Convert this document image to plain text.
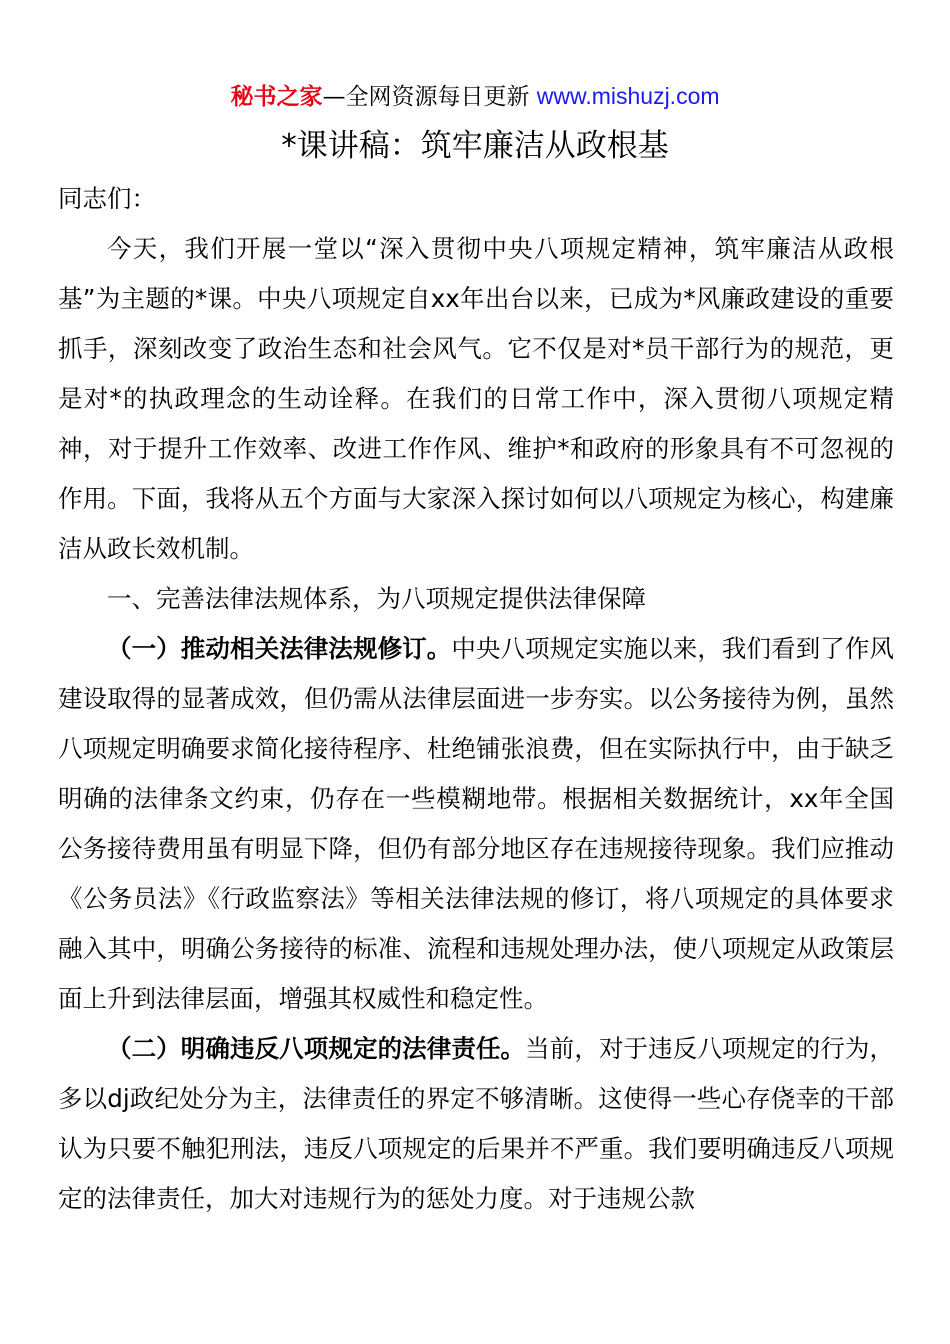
秘书之家—全网资源每日更新 www.mishuzj.com
*课讲稿：筑牢廉洁从政根基

同志们：

今天，我们开展一堂以“深入贯彻中央八项规定精神，筑牢廉洁从政根基”为主题的*课。中央八项规定自xx年出台以来，已成为*风廉政建设的重要抓手，深刻改变了政治生态和社会风气。它不仅是对*员干部行为的规范，更是对*的执政理念的生动诠释。在我们的日常工作中，深入贯彻八项规定精神，对于提升工作效率、改进工作作风、维护*和政府的形象具有不可忽视的作用。下面，我将从五个方面与大家深入探讨如何以八项规定为核心，构建廉洁从政长效机制。

一、完善法律法规体系，为八项规定提供法律保障

（一）推动相关法律法规修订。中央八项规定实施以来，我们看到了作风建设取得的显著成效，但仍需从法律层面进一步夯实。以公务接待为例，虽然八项规定明确要求简化接待程序、杜绝铺张浪费，但在实际执行中，由于缺乏明确的法律条文约束，仍存在一些模糊地带。根据相关数据统计，xx年全国公务接待费用虽有明显下降，但仍有部分地区存在违规接待现象。我们应推动《公务员法》《行政监察法》等相关法律法规的修订，将八项规定的具体要求融入其中，明确公务接待的标准、流程和违规处理办法，使八项规定从政策层面上升到法律层面，增强其权威性和稳定性。

（二）明确违反八项规定的法律责任。当前，对于违反八项规定的行为，多以dj政纪处分为主，法律责任的界定不够清晰。这使得一些心存侥幸的干部认为只要不触犯刑法，违反八项规定的后果并不严重。我们要明确违反八项规定的法律责任，加大对违规行为的惩处力度。对于违规公款
